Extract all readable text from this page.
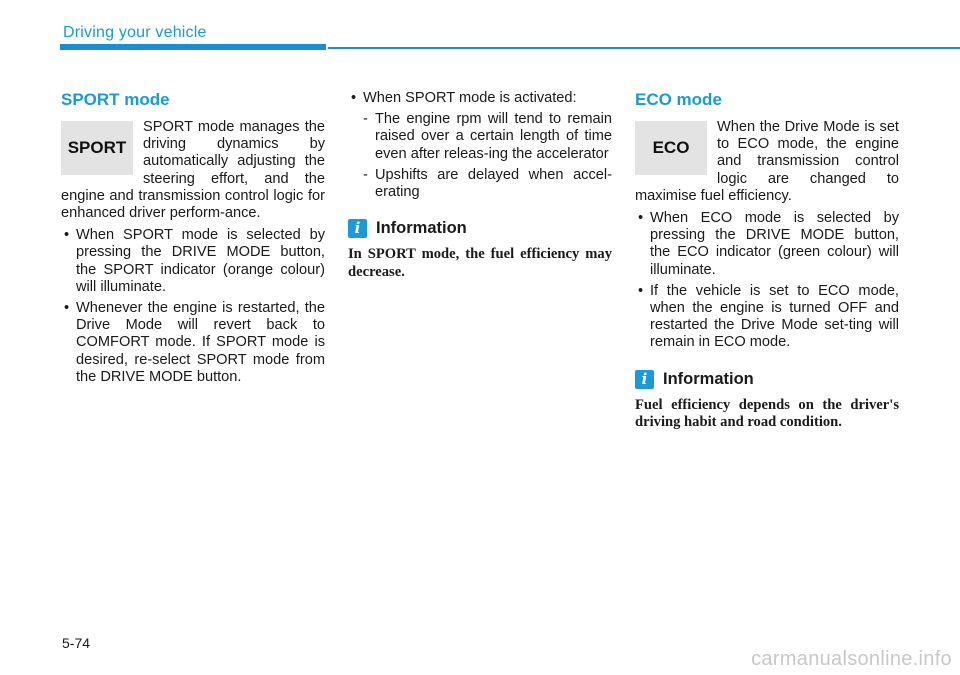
Driving your vehicle
SPORT mode
SPORT

SPORT mode manages the driving dynamics by automatically adjusting the steering effort, and the engine and transmission control logic for enhanced driver perform-ance.

• When SPORT mode is selected by pressing the DRIVE MODE button, the SPORT indicator (orange colour) will illuminate.
• Whenever the engine is restarted, the Drive Mode will revert back to COMFORT mode. If SPORT mode is desired, re-select SPORT mode from the DRIVE MODE button.
• When SPORT mode is activated:
- The engine rpm will tend to remain raised over a certain length of time even after releas-ing the accelerator
- Upshifts are delayed when accel-erating
i Information
In SPORT mode, the fuel efficiency may decrease.
ECO mode
ECO

When the Drive Mode is set to ECO mode, the engine and transmission control logic are changed to maximise fuel efficiency.

• When ECO mode is selected by pressing the DRIVE MODE button, the ECO indicator (green colour) will illuminate.
• If the vehicle is set to ECO mode, when the engine is turned OFF and restarted the Drive Mode set-ting will remain in ECO mode.
i Information
Fuel efficiency depends on the driver's driving habit and road condition.
5-74
carmanualsonline.info
